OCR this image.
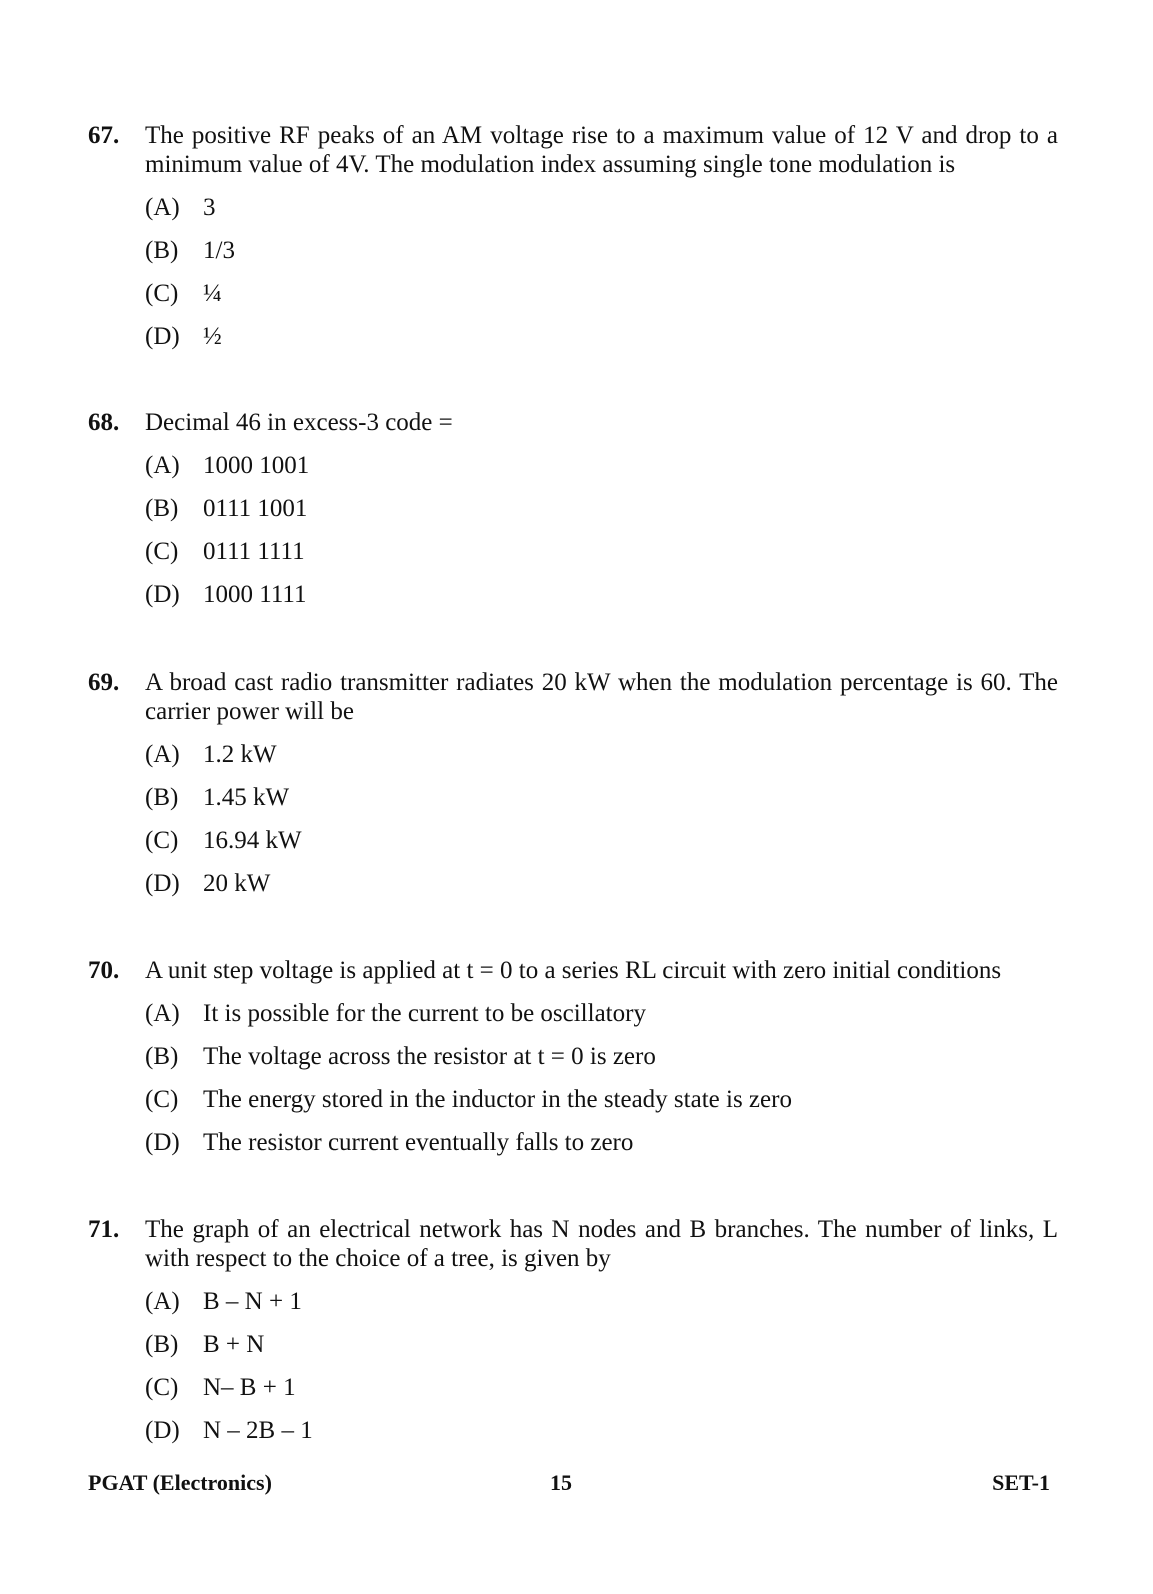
67.	The positive RF peaks of an AM voltage rise to a maximum value of 12 V and drop to a minimum value of 4V. The modulation index assuming single tone modulation is
(A) 3
(B) 1/3
(C) ¼
(D) ½
68.	Decimal 46 in excess-3 code =
(A) 1000 1001
(B) 0111 1001
(C) 0111 1111
(D) 1000 1111
69.	A broad cast radio transmitter radiates 20 kW when the modulation percentage is 60. The carrier power will be
(A) 1.2 kW
(B) 1.45 kW
(C) 16.94 kW
(D) 20 kW
70.	A unit step voltage is applied at t = 0 to a series RL circuit with zero initial conditions
(A) It is possible for the current to be oscillatory
(B) The voltage across the resistor at t = 0 is zero
(C) The energy stored in the inductor in the steady state is zero
(D) The resistor current eventually falls to zero
71.	The graph of an electrical network has N nodes and B branches. The number of links, L with respect to the choice of a tree, is given by
(A) B – N + 1
(B) B + N
(C) N– B + 1
(D) N – 2B – 1
PGAT (Electronics)	15	SET-1
